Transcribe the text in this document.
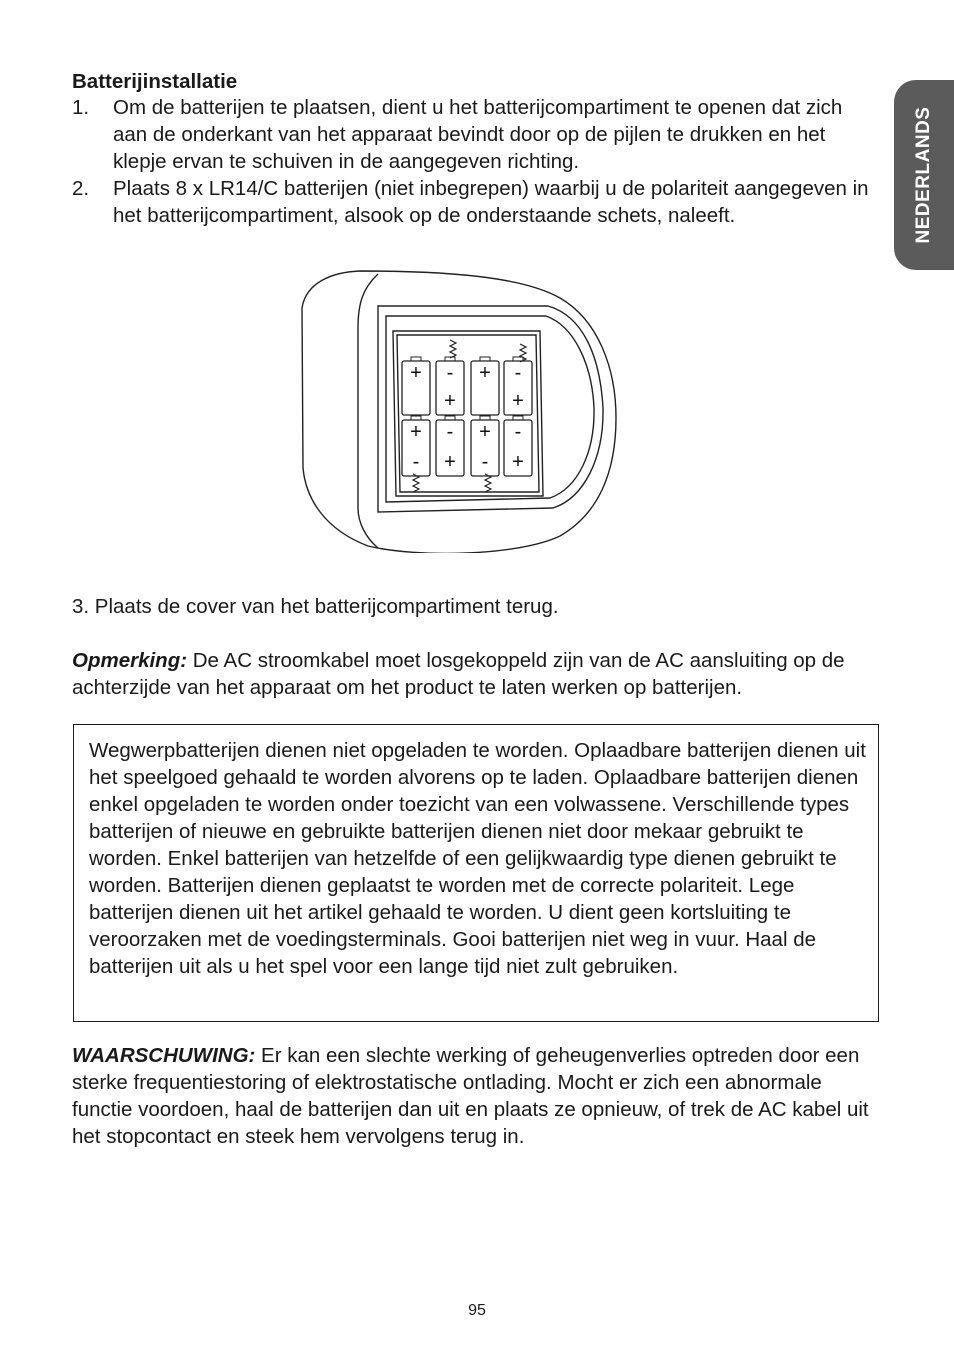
NEDERLANDS
Batterijinstallatie
1. Om de batterijen te plaatsen, dient u het batterijcompartiment te openen dat zich aan de onderkant van het apparaat bevindt door op de pijlen te drukken en het klepje ervan te schuiven in de aangegeven richting.
2. Plaats 8 x LR14/C batterijen (niet inbegrepen) waarbij u de polariteit aangegeven in het batterijcompartiment, alsook op de onderstaande schets, naleeft.
+ -
+
+ -
+
+
-
-
+
+
-
-
+
3. Plaats de cover van het batterijcompartiment terug.
Opmerking: De AC stroomkabel moet losgekoppeld zijn van de AC aansluiting op de achterzijde van het apparaat om het product te laten werken op batterijen.
Wegwerpbatterijen dienen niet opgeladen te worden. Oplaadbare batterijen dienen uit het speelgoed gehaald te worden alvorens op te laden. Oplaadbare batterijen dienen enkel opgeladen te worden onder toezicht van een volwassene. Verschillende types batterijen of nieuwe en gebruikte batterijen dienen niet door mekaar gebruikt te worden. Enkel batterijen van hetzelfde of een gelijkwaardig type dienen gebruikt te worden. Batterijen dienen geplaatst te worden met de correcte polariteit. Lege batterijen dienen uit het artikel gehaald te worden. U dient geen kortsluiting te veroorzaken met de voedingsterminals. Gooi batterijen niet weg in vuur. Haal de batterijen uit als u het spel voor een lange tijd niet zult gebruiken.
WAARSCHUWING: Er kan een slechte werking of geheugenverlies optreden door een sterke frequentiestoring of elektrostatische ontlading. Mocht er zich een abnormale functie voordoen, haal de batterijen dan uit en plaats ze opnieuw, of trek de AC kabel uit het stopcontact en steek hem vervolgens terug in.
95
